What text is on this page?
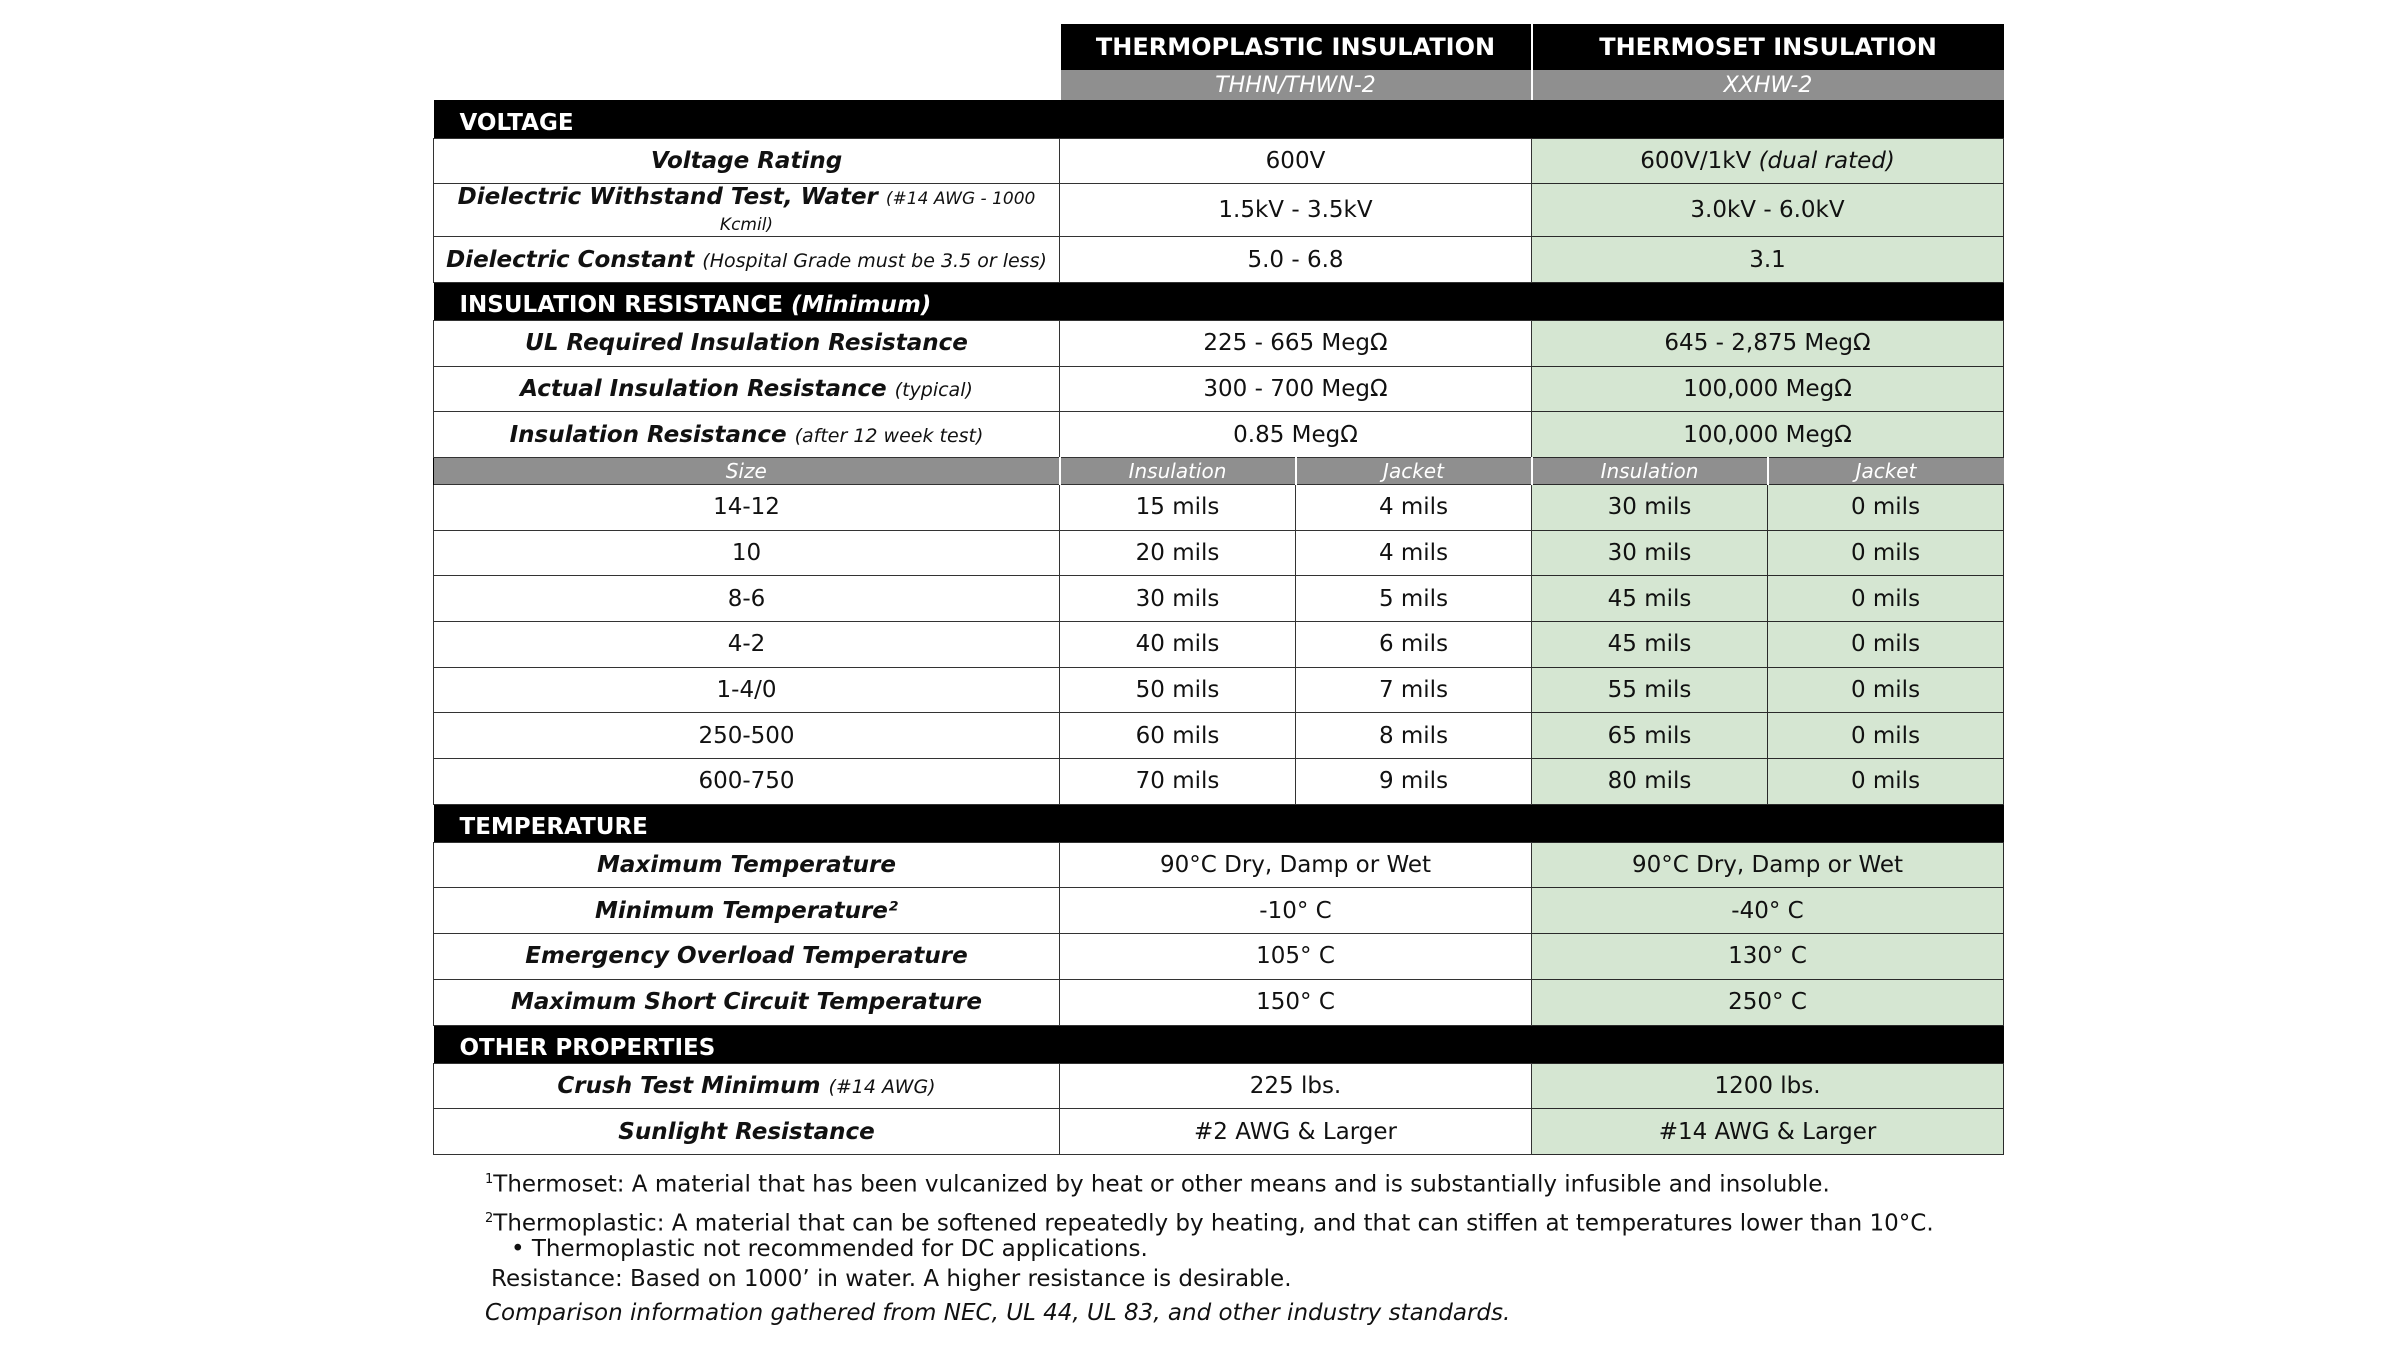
	THERMOPLASTIC INSULATION		THERMOSET INSULATION	
	THHN/THWN-2		XXHW-2	
VOLTAGE				
Voltage Rating	600V		600V/1kV (dual rated)	
Dielectric Withstand Test, Water (#14 AWG - 1000 Kcmil)	1.5kV - 3.5kV		3.0kV - 6.0kV	
Dielectric Constant (Hospital Grade must be 3.5 or less)	5.0 - 6.8		3.1	
INSULATION RESISTANCE (Minimum)				
UL Required Insulation Resistance	225 - 665 MegΩ		645 - 2,875 MegΩ	
Actual Insulation Resistance (typical)	300 - 700 MegΩ		100,000 MegΩ	
Insulation Resistance (after 12 week test)	0.85 MegΩ		100,000 MegΩ	
Size	Insulation	Jacket	Insulation	Jacket
14-12	15 mils	4 mils	30 mils	0 mils
10	20 mils	4 mils	30 mils	0 mils
8-6	30 mils	5 mils	45 mils	0 mils
4-2	40 mils	6 mils	45 mils	0 mils
1-4/0	50 mils	7 mils	55 mils	0 mils
250-500	60 mils	8 mils	65 mils	0 mils
600-750	70 mils	9 mils	80 mils	0 mils
TEMPERATURE				
Maximum Temperature	90°C Dry, Damp or Wet		90°C Dry, Damp or Wet	
Minimum Temperature²	-10° C		-40° C	
Emergency Overload Temperature	105° C		130° C	
Maximum Short Circuit Temperature	150° C		250° C	
OTHER PROPERTIES				
Crush Test Minimum (#14 AWG)	225 lbs.		1200 lbs.	
Sunlight Resistance	#2 AWG & Larger		#14 AWG & Larger	
$^1$Thermoset: A material that has been vulcanized by heat or other means and is substantially infusible and insoluble.
$^2$Thermoplastic: A material that can be softened repeatedly by heating, and that can stiffen at temperatures lower than 10°C.
• Thermoplastic not recommended for DC applications.
Resistance: Based on 1000’ in water. A higher resistance is desirable.
Comparison information gathered from NEC, UL 44, UL 83, and other industry standards.
